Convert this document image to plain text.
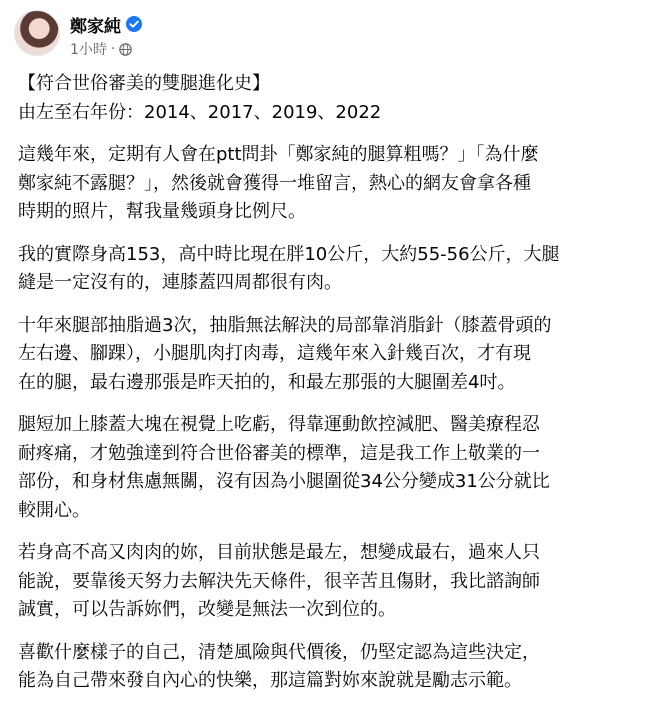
鄭家純
1小時 ·

【符合世俗審美的雙腿進化史】
由左至右年份：2014、2017、2019、2022

這幾年來，定期有人會在ptt問卦「鄭家純的腿算粗嗎？」「為什麼
鄭家純不露腿？」，然後就會獲得一堆留言，熱心的網友會拿各種
時期的照片，幫我量幾頭身比例尺。

我的實際身高153，高中時比現在胖10公斤，大約55-56公斤，大腿
縫是一定沒有的，連膝蓋四周都很有肉。

十年來腿部抽脂過3次，抽脂無法解決的局部靠消脂針（膝蓋骨頭的
左右邊、腳踝），小腿肌肉打肉毒，這幾年來入針幾百次，才有現
在的腿，最右邊那張是昨天拍的，和最左那張的大腿圍差4吋。

腿短加上膝蓋大塊在視覺上吃虧，得靠運動飲控減肥、醫美療程忍
耐疼痛，才勉強達到符合世俗審美的標準，這是我工作上敬業的一
部份，和身材焦慮無關，沒有因為小腿圍從34公分變成31公分就比
較開心。

若身高不高又肉肉的妳，目前狀態是最左，想變成最右，過來人只
能說，要靠後天努力去解決先天條件，很辛苦且傷財，我比諮詢師
誠實，可以告訴妳們，改變是無法一次到位的。

喜歡什麼樣子的自己，清楚風險與代價後，仍堅定認為這些決定，
能為自己帶來發自內心的快樂，那這篇對妳來說就是勵志示範。
